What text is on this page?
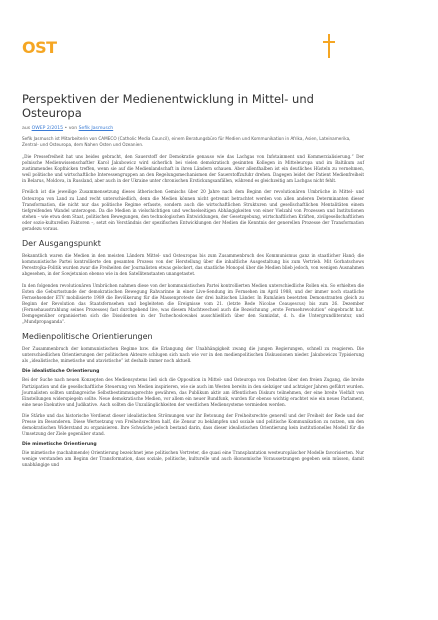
OST
Perspektiven der Medienentwicklung in Mittel- und Osteuropa
aus OWEP 2/2015 • von Sefik Jasmusch
Sefik Jasmusch ist Mitarbeiterin von CAMECO (Catholic Media Council), einem Beratungsbüro für Medien und Kommunikation in Afrika, Asien, Lateinamerika, Zentral- und Osteuropa, dem Nahen Osten und Ozeanien.

„Die Pressefreiheit hat uns beides gebracht, den Sauerstoff der Demokratie genauso wie das Lachgas von Infotainment und Kommerzialisierung.“ Der polnische Medienwissenschaftler Karol Jakubowicz wird sicherlich bei vielen demokratisch gesinnten Kollegen in Mitteleuropa und im Baltikum auf zustimmendes Kopfnicken treffen, wenn sie auf die Medienlandschaft in ihren Ländern schauen. Aber allenthalben ist ein deutliches Hüsteln zu vernehmen, weil politische und wirtschaftliche Interessengruppen an den Regelungsmechanismen der Sauerstoffzufuhr drehen. Dagegen leidet der Patient Medienfreiheit in Belarus, Moldova, in Russland, aber auch in der Ukraine unter chronischen Erstickungsanfällen, während es gleichzeitig am Lachgas nicht fehlt.

Freilich ist die jeweilige Zusammensetzung dieses ätherischen Gemischs über 20 Jahre nach dem Beginn der revolutionären Umbrüche in Mittel- und Osteuropa von Land zu Land recht unterschiedlich, denn die Medien können nicht getrennt betrachtet werden von allen anderen Determinanten dieser Transformation, die nicht nur das politische Regime erfasste, sondern auch die wirtschaftlichen Strukturen und gesellschaftlichen Mentalitäten einem tiefgreifenden Wandel unterzogen. Da die Medien in vielschichtigen und wechselseitigen Abhängigkeiten von einer Vielzahl von Prozessen und Institutionen stehen – wie etwa dem Staat, politischen Bewegungen, den technologischen Entwicklungen, der Gesetzgebung, wirtschaftlichen Kräften, zivilgesellschaftlichen oder sozio-kulturellen Faktoren –, setzt ein Verständnis der spezifischen Entwicklungen der Medien die Kenntnis der generellen Prozesse der Transformation geradezu voraus.

Der Ausgangspunkt

Bekanntlich waren die Medien in den meisten Ländern Mittel- und Osteuropas bis zum Zusammenbruch des Kommunismus ganz in staatlicher Hand; die kommunistische Partei kontrollierte den gesamten Prozess von der Herstellung über die inhaltliche Ausgestaltung bis zum Vertrieb. Mit Gorbatschows Perestrojka-Politik wurden zwar die Freiheiten der Journalisten etwas gelockert, das staatliche Monopol über die Medien blieb jedoch, von wenigen Ausnahmen abgesehen, in der Sowjetunion ebenso wie in den Satellitenstaaten unangetastet.

In den folgenden revolutionären Umbrüchen nahmen diese von der kommunistischen Partei kontrollierten Medien unterschiedliche Rollen ein. So erhielten die Esten die Geburtsstunde der demokratischen Bewegung Rahvarinne in einer Live-Sendung im Fernsehen im April 1988, und der immer noch staatliche Fernsehsender ETV mobilisierte 1989 die Bevölkerung für die Massenproteste der drei baltischen Länder. In Rumänien besetzten Demonstranten gleich zu Beginn der Revolution das Staatsfernsehen und begleiteten die Ereignisse vom 21. (letzte Rede Nicolae Ceauşescus) bis zum 26. Dezember (Fernsehausstrahlung seines Prozesses) fast durchgehend live, was diesem Machtwechsel auch die Bezeichnung „erste Fernsehrevolution“ eingebracht hat. Demgegenüber organisierten sich die Dissidenten in der Tschechoslowakei ausschließlich über den Samizdat, d. h. die Untergrundliteratur, und „Mundpropaganda“.

Medienpolitische Orientierungen

Der Zusammenbruch der kommunistischen Regime bzw. die Erlangung der Unabhängigkeit zwang die jungen Regierungen, schnell zu reagieren. Die unterschiedlichen Orientierungen der politischen Akteure schlugen sich nach wie vor in den medienpolitischen Diskussionen nieder. Jakubowiczs Typisierung als „idealistische, mimetische und atavistische“ ist deshalb immer noch aktuell.

Die idealistische Orientierung

Bei der Suche nach neuen Konzepten des Mediensystems ließ sich die Opposition in Mittel- und Osteuropa von Debatten über den freien Zugang, die breite Partizipation und die gesellschaftliche Steuerung von Medien inspirieren, wie sie auch im Westen bereits in den siebziger und achtziger Jahren geführt wurden. Journalisten sollten umfangreiche Selbstbestimmungsrechte gewähren, das Publikum aktiv am öffentlichen Diskurs teilnehmen, der eine breite Vielfalt von Einstellungen widerspiegeln sollte. Neue demokratische Medien, vor allem ein neuer Rundfunk, wurden für ebenso wichtig erachtet wie ein neues Parlament, eine neue Exekutive und Judikative. Auch sollten die Unzulänglichkeiten der westlichen Mediensysteme vermieden werden.

Die Stärke und das historische Verdienst dieser idealistischen Strömungen war ihr Betonung der Freiheitsrechte generell und der Freiheit der Rede und der Presse im Besonderen. Diese Wertsetzung von Freiheitsrechten half, die Zensur zu bekämpfen und soziale und politische Kommunikation zu nutzen, um den demokratischen Widerstand zu organisieren. Ihre Schwäche jedoch bestand darin, dass dieser idealistischen Orientierung kein institutionelles Modell für die Umsetzung der Ziele gegenüber stand.

Die mimetische Orientierung

Die mimetische (nachahmende) Orientierung bezeichnet jene politischen Vertreter, die quasi eine Transplantation westeuropäischer Modelle favorisierten. Nur wenige verstanden am Beginn der Transformation, dass soziale, politische, kulturelle und auch ökonomische Voraussetzungen gegeben sein müssen, damit unabhängige und
